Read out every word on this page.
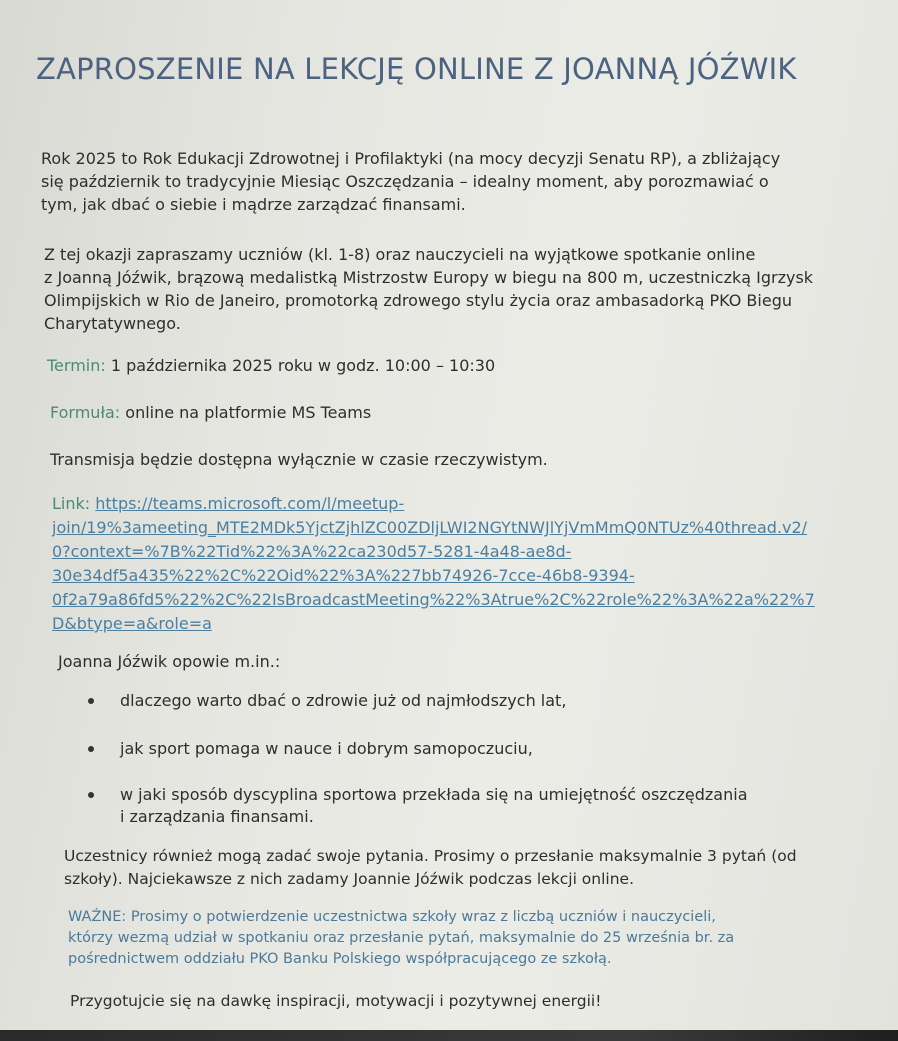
ZAPROSZENIE NA LEKCJĘ ONLINE Z JOANNĄ JÓŹWIK
Rok 2025 to Rok Edukacji Zdrowotnej i Profilaktyki (na mocy decyzji Senatu RP), a zbliżający
się październik to tradycyjnie Miesiąc Oszczędzania – idealny moment, aby porozmawiać o
tym, jak dbać o siebie i mądrze zarządzać finansami.
Z tej okazji zapraszamy uczniów (kl. 1-8) oraz nauczycieli na wyjątkowe spotkanie online
z Joanną Jóźwik, brązową medalistką Mistrzostw Europy w biegu na 800 m, uczestniczką Igrzysk
Olimpijskich w Rio de Janeiro, promotorką zdrowego stylu życia oraz ambasadorką PKO Biegu
Charytatywnego.
Termin: 1 października 2025 roku w godz. 10:00 – 10:30
Formuła: online na platformie MS Teams
Transmisja będzie dostępna wyłącznie w czasie rzeczywistym.
Link: https://teams.microsoft.com/l/meetup-
join/19%3ameeting_MTE2MDk5YjctZjhlZC00ZDljLWI2NGYtNWJlYjVmMmQ0NTUz%40thread.v2/
0?context=%7B%22Tid%22%3A%22ca230d57-5281-4a48-ae8d-
30e34df5a435%22%2C%22Oid%22%3A%227bb74926-7cce-46b8-9394-
0f2a79a86fd5%22%2C%22IsBroadcastMeeting%22%3Atrue%2C%22role%22%3A%22a%22%7
D&btype=a&role=a
Joanna Jóźwik opowie m.in.:
dlaczego warto dbać o zdrowie już od najmłodszych lat,
jak sport pomaga w nauce i dobrym samopoczuciu,
w jaki sposób dyscyplina sportowa przekłada się na umiejętność oszczędzania
i zarządzania finansami.
Uczestnicy również mogą zadać swoje pytania. Prosimy o przesłanie maksymalnie 3 pytań (od
szkoły). Najciekawsze z nich zadamy Joannie Jóźwik podczas lekcji online.
WAŻNE: Prosimy o potwierdzenie uczestnictwa szkoły wraz z liczbą uczniów i nauczycieli,
którzy wezmą udział w spotkaniu oraz przesłanie pytań, maksymalnie do 25 września br. za
pośrednictwem oddziału PKO Banku Polskiego współpracującego ze szkołą.
Przygotujcie się na dawkę inspiracji, motywacji i pozytywnej energii!
